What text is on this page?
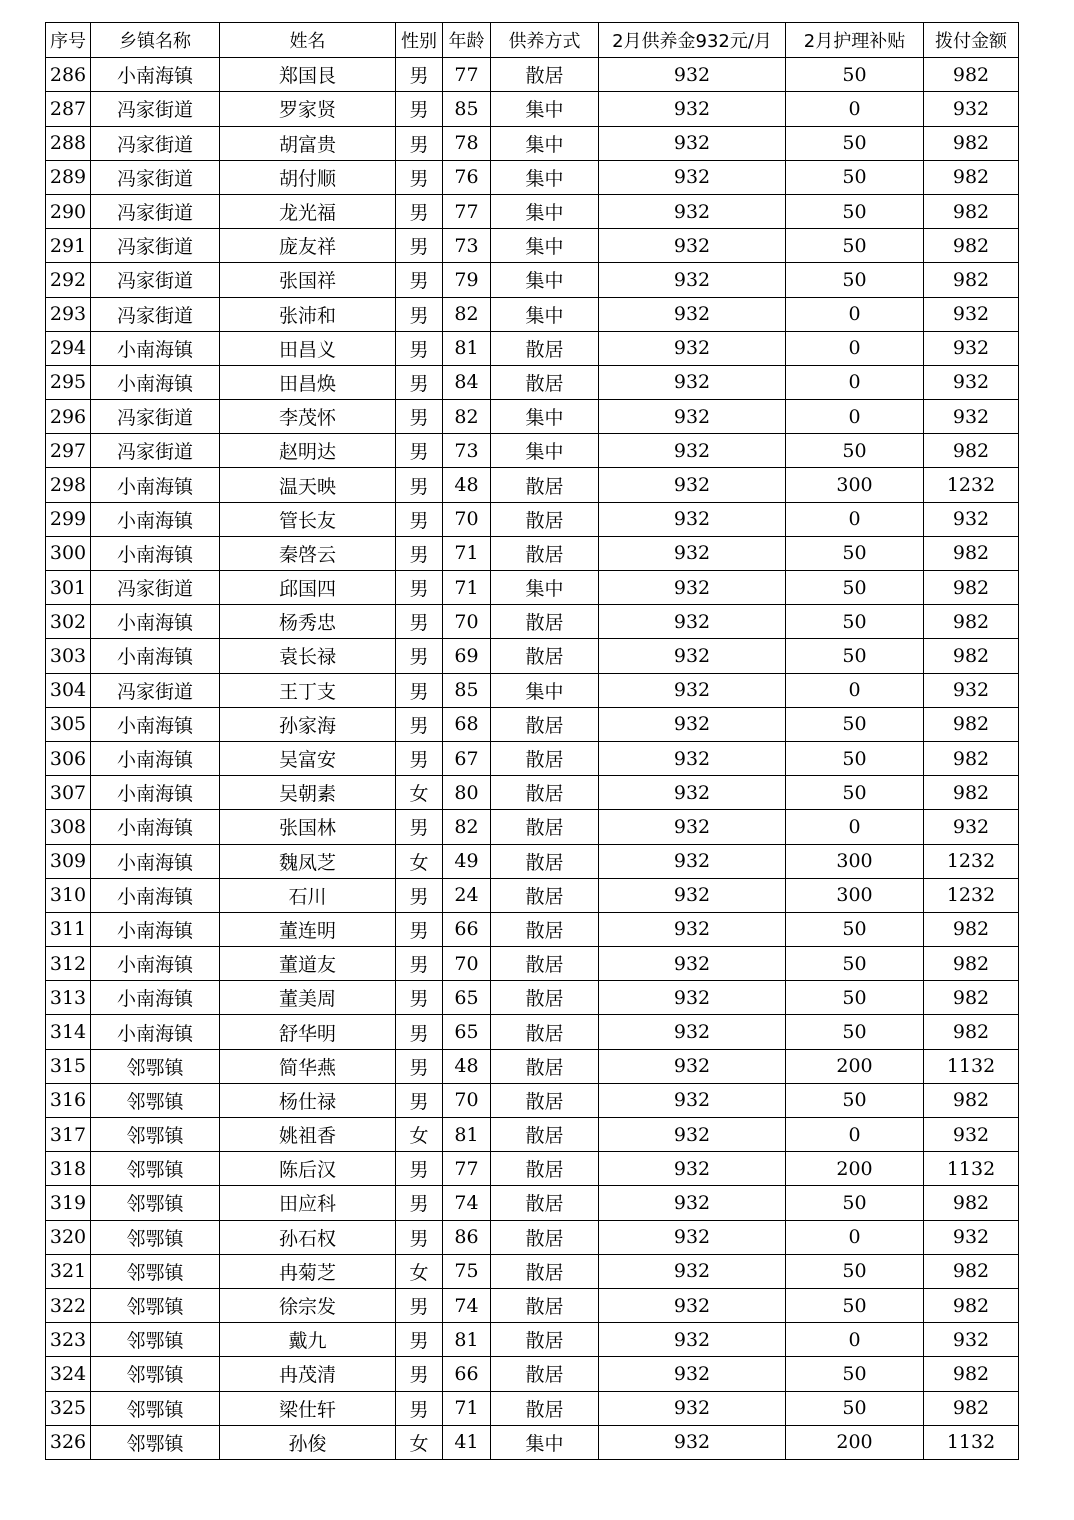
序号	乡镇名称	姓名	性别	年龄	供养方式	2月供养金932元/月	2月护理补贴	拨付金额
286	小南海镇	郑国艮	男	77	散居	932	50	982
287	冯家街道	罗家贤	男	85	集中	932	0	932
288	冯家街道	胡富贵	男	78	集中	932	50	982
289	冯家街道	胡付顺	男	76	集中	932	50	982
290	冯家街道	龙光福	男	77	集中	932	50	982
291	冯家街道	庞友祥	男	73	集中	932	50	982
292	冯家街道	张国祥	男	79	集中	932	50	982
293	冯家街道	张沛和	男	82	集中	932	0	932
294	小南海镇	田昌义	男	81	散居	932	0	932
295	小南海镇	田昌焕	男	84	散居	932	0	932
296	冯家街道	李茂怀	男	82	集中	932	0	932
297	冯家街道	赵明达	男	73	集中	932	50	982
298	小南海镇	温天映	男	48	散居	932	300	1232
299	小南海镇	管长友	男	70	散居	932	0	932
300	小南海镇	秦啓云	男	71	散居	932	50	982
301	冯家街道	邱国四	男	71	集中	932	50	982
302	小南海镇	杨秀忠	男	70	散居	932	50	982
303	小南海镇	袁长禄	男	69	散居	932	50	982
304	冯家街道	王丁支	男	85	集中	932	0	932
305	小南海镇	孙家海	男	68	散居	932	50	982
306	小南海镇	吴富安	男	67	散居	932	50	982
307	小南海镇	吴朝素	女	80	散居	932	50	982
308	小南海镇	张国林	男	82	散居	932	0	932
309	小南海镇	魏凤芝	女	49	散居	932	300	1232
310	小南海镇	石川	男	24	散居	932	300	1232
311	小南海镇	董连明	男	66	散居	932	50	982
312	小南海镇	董道友	男	70	散居	932	50	982
313	小南海镇	董美周	男	65	散居	932	50	982
314	小南海镇	舒华明	男	65	散居	932	50	982
315	邻鄂镇	简华燕	男	48	散居	932	200	1132
316	邻鄂镇	杨仕禄	男	70	散居	932	50	982
317	邻鄂镇	姚祖香	女	81	散居	932	0	932
318	邻鄂镇	陈后汉	男	77	散居	932	200	1132
319	邻鄂镇	田应科	男	74	散居	932	50	982
320	邻鄂镇	孙石权	男	86	散居	932	0	932
321	邻鄂镇	冉菊芝	女	75	散居	932	50	982
322	邻鄂镇	徐宗发	男	74	散居	932	50	982
323	邻鄂镇	戴九	男	81	散居	932	0	932
324	邻鄂镇	冉茂清	男	66	散居	932	50	982
325	邻鄂镇	梁仕轩	男	71	散居	932	50	982
326	邻鄂镇	孙俊	女	41	集中	932	200	1132
